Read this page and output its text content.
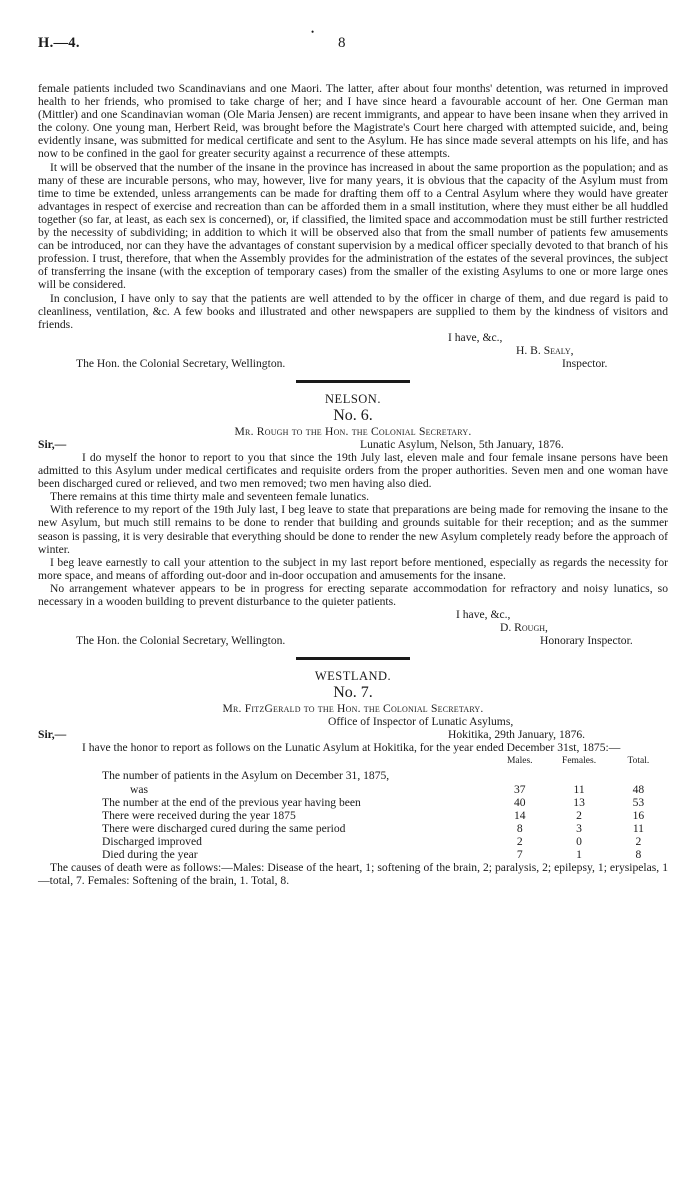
H.—4.
•
8

female patients included two Scandinavians and one Maori. The latter, after about four months' detention, was returned in improved health to her friends, who promised to take charge of her; and I have since heard a favourable account of her. One German man (Mittler) and one Scandinavian woman (Ole Maria Jensen) are recent immigrants, and appear to have been insane when they arrived in the colony. One young man, Herbert Reid, was brought before the Magistrate's Court here charged with attempted suicide, and, being evidently insane, was submitted for medical certificate and sent to the Asylum. He has since made several attempts on his life, and has now to be confined in the gaol for greater security against a recurrence of these attempts.

It will be observed that the number of the insane in the province has increased in about the same proportion as the population; and as many of these are incurable persons, who may, however, live for many years, it is obvious that the capacity of the Asylum must from time to time be extended, unless arrangements can be made for drafting them off to a Central Asylum where they would have greater advantages in respect of exercise and recreation than can be afforded them in a small institution, where they must either be all huddled together (so far, at least, as each sex is concerned), or, if classified, the limited space and accommodation must be still further restricted by the necessity of subdividing; in addition to which it will be observed also that from the small number of patients few amusements can be introduced, nor can they have the advantages of constant supervision by a medical officer specially devoted to that branch of his profession. I trust, therefore, that when the Assembly provides for the administration of the estates of the several provinces, the subject of transferring the insane (with the exception of temporary cases) from the smaller of the existing Asylums to one or more large ones will be considered.

In conclusion, I have only to say that the patients are well attended to by the officer in charge of them, and due regard is paid to cleanliness, ventilation, &c. A few books and illustrated and other newspapers are supplied to them by the kindness of visitors and friends.

I have, &c.,
H. B. Sealy,
The Hon. the Colonial Secretary, Wellington.	Inspector.
NELSON.
No. 6.
Mr. Rough to the Hon. the Colonial Secretary.
Sir,—	Lunatic Asylum, Nelson, 5th January, 1876.

I do myself the honor to report to you that since the 19th July last, eleven male and four female insane persons have been admitted to this Asylum under medical certificates and requisite orders from the proper authorities. Seven men and one woman have been discharged cured or relieved, and two men removed; two men having also died.

There remains at this time thirty male and seventeen female lunatics.

With reference to my report of the 19th July last, I beg leave to state that preparations are being made for removing the insane to the new Asylum, but much still remains to be done to render that building and grounds suitable for their reception; and as the summer season is passing, it is very desirable that everything should be done to render the new Asylum completely ready before the approach of winter.

I beg leave earnestly to call your attention to the subject in my last report before mentioned, especially as regards the necessity for more space, and means of affording out-door and in-door occupation and amusements for the insane.

No arrangement whatever appears to be in progress for erecting separate accommodation for refractory and noisy lunatics, so necessary in a wooden building to prevent disturbance to the quieter patients.

I have, &c.,
D. Rough,
The Hon. the Colonial Secretary, Wellington.	Honorary Inspector.
WESTLAND.
No. 7.
Mr. FitzGerald to the Hon. the Colonial Secretary.
Office of Inspector of Lunatic Asylums,
Sir,—	Hokitika, 29th January, 1876.

I have the honor to report as follows on the Lunatic Asylum at Hokitika, for the year ended December 31st, 1875:—

	Males.	Females.	Total.
The number of patients in the Asylum on December 31, 1875,			
was	37	11	48
The number at the end of the previous year having been	40	13	53
There were received during the year 1875	14	2	16
There were discharged cured during the same period	8	3	11
Discharged improved	2	0	2
Died during the year	7	1	8

The causes of death were as follows:—Males: Disease of the heart, 1; softening of the brain, 2; paralysis, 2; epilepsy, 1; erysipelas, 1—total, 7. Females: Softening of the brain, 1. Total, 8.
